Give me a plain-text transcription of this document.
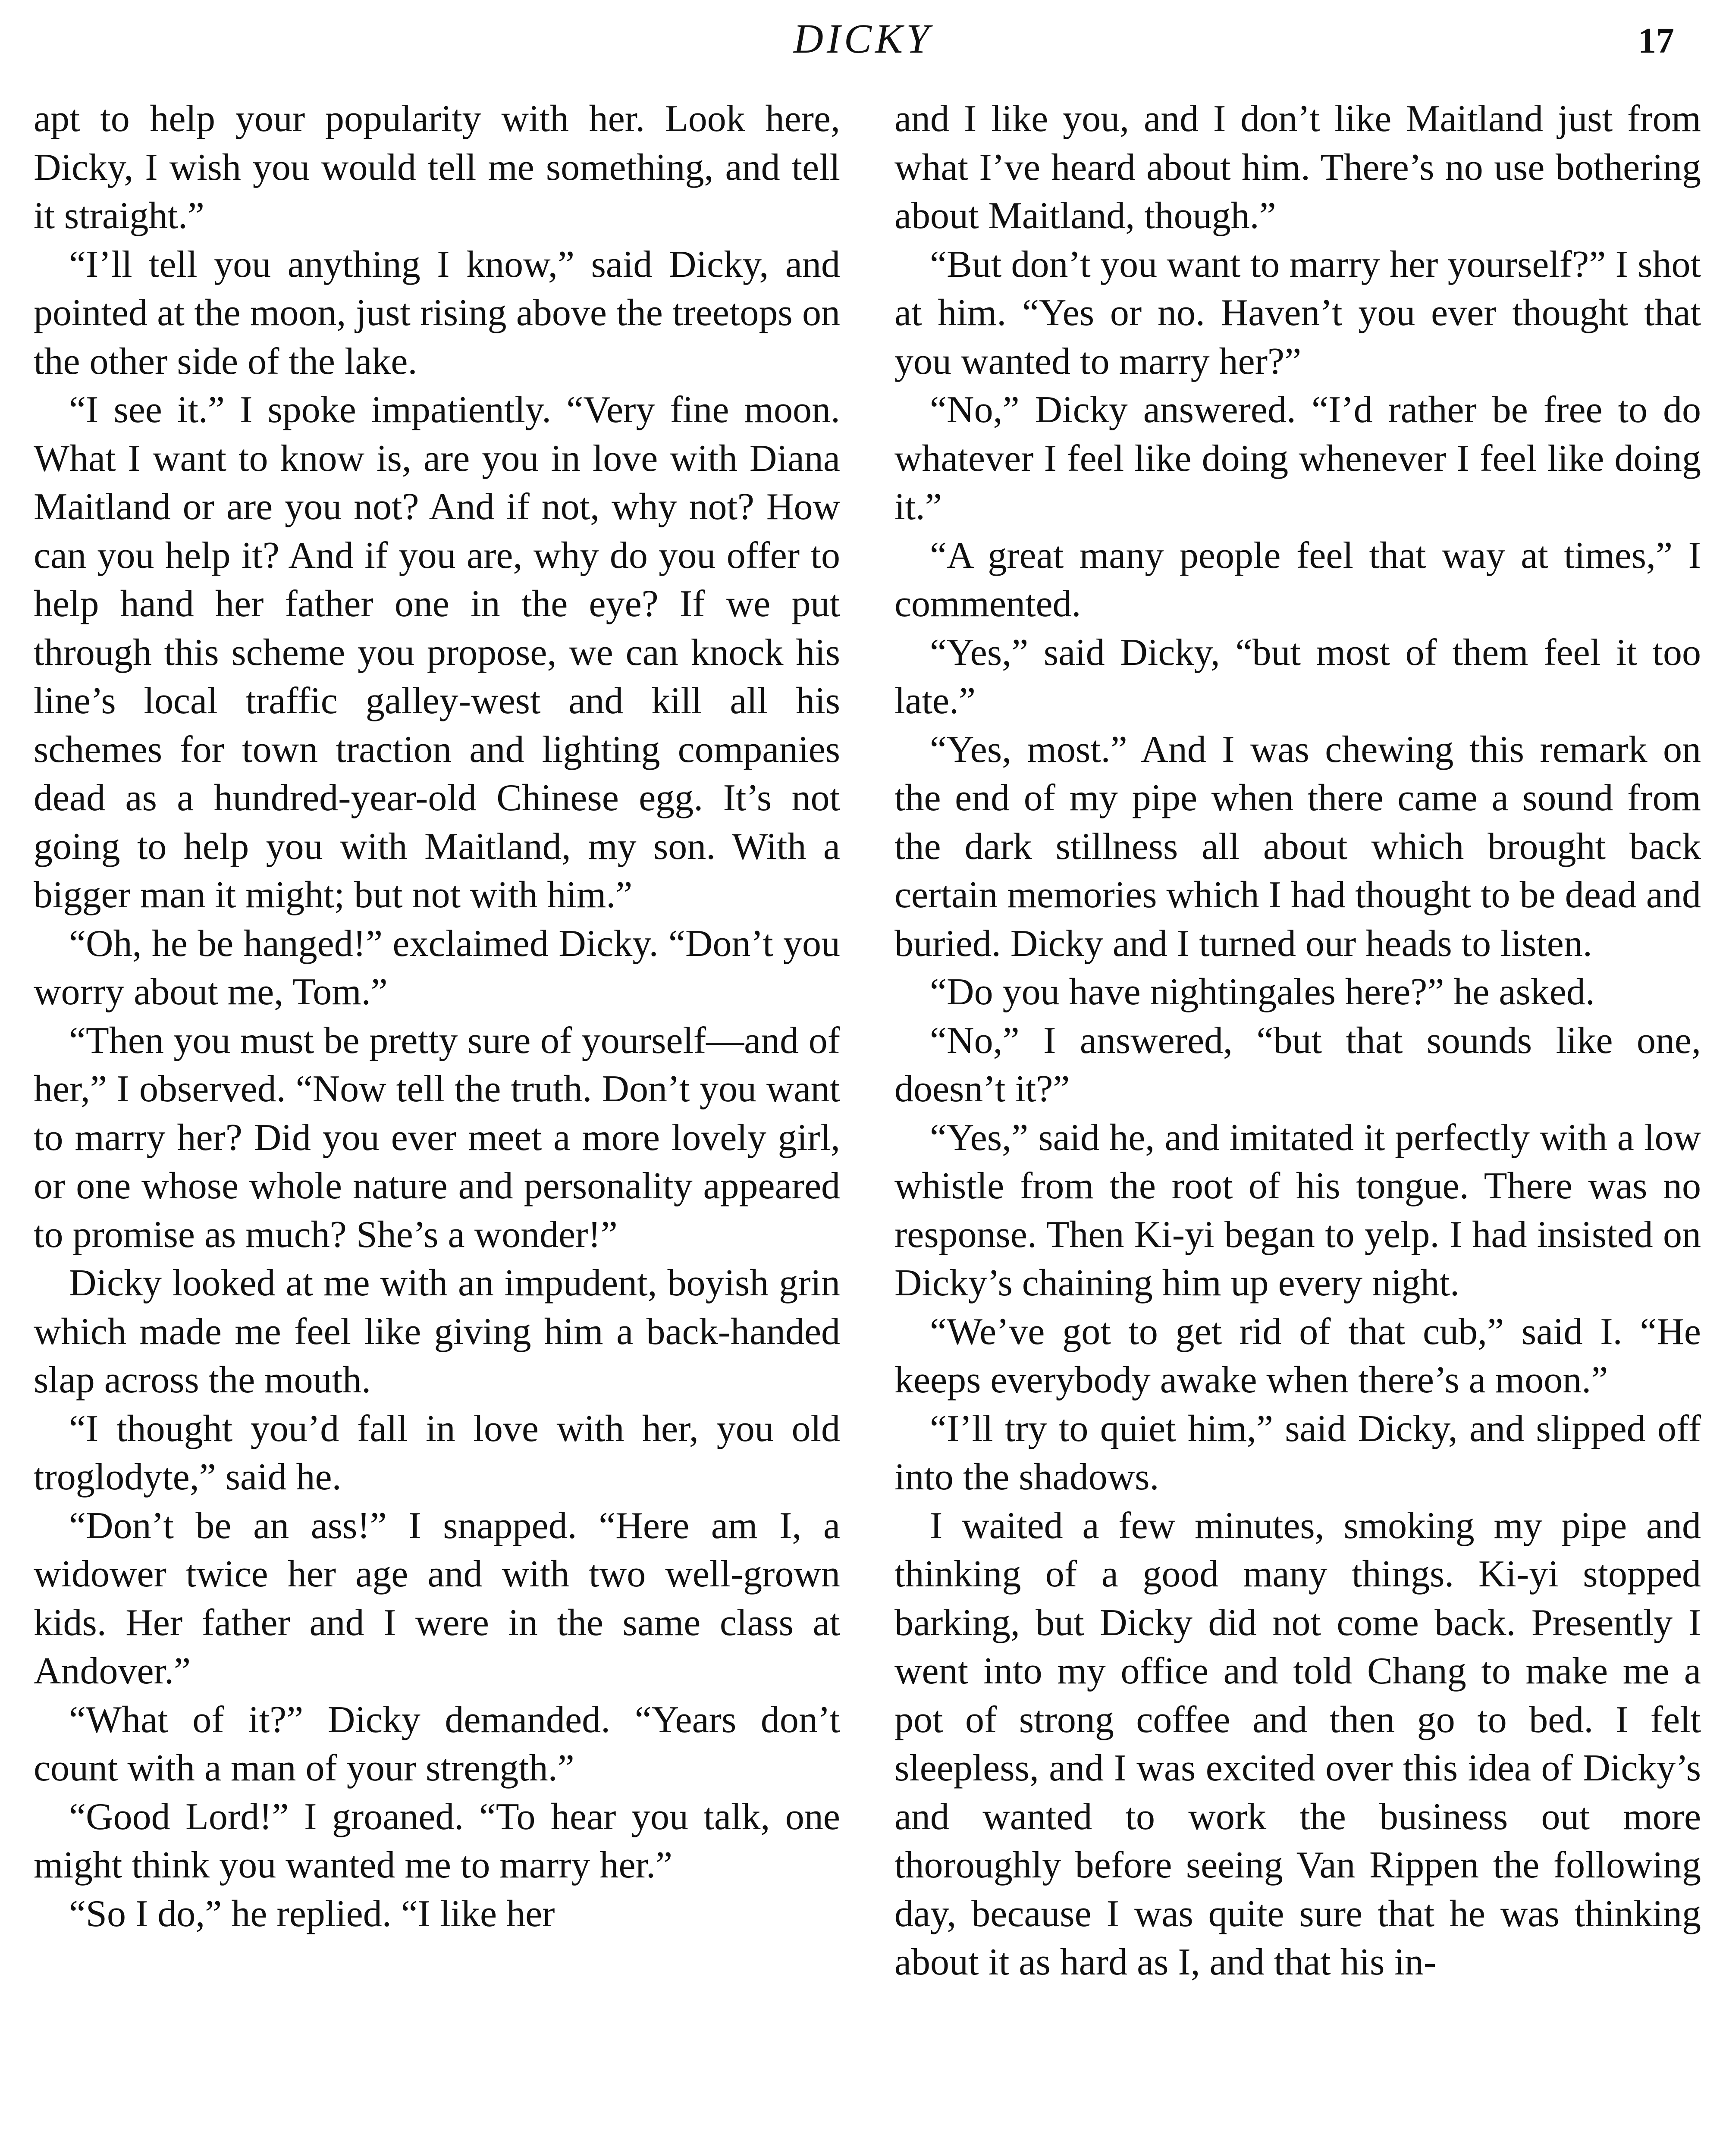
DICKY	17

apt to help your popularity with her. Look here, Dicky, I wish you would tell me something, and tell it straight.”

“I’ll tell you anything I know,” said Dicky, and pointed at the moon, just rising above the treetops on the other side of the lake.

“I see it.” I spoke impatiently. “Very fine moon. What I want to know is, are you in love with Diana Maitland or are you not? And if not, why not? How can you help it? And if you are, why do you offer to help hand her father one in the eye? If we put through this scheme you propose, we can knock his line’s local traffic galley-west and kill all his schemes for town traction and lighting companies dead as a hundred-year-old Chinese egg. It’s not going to help you with Maitland, my son. With a bigger man it might; but not with him.”

“Oh, he be hanged!” exclaimed Dicky. “Don’t you worry about me, Tom.”

“Then you must be pretty sure of yourself—and of her,” I observed. “Now tell the truth. Don’t you want to marry her? Did you ever meet a more lovely girl, or one whose whole nature and personality appeared to promise as much? She’s a wonder!”

Dicky looked at me with an impudent, boyish grin which made me feel like giving him a back-handed slap across the mouth.

“I thought you’d fall in love with her, you old troglodyte,” said he.

“Don’t be an ass!” I snapped. “Here am I, a widower twice her age and with two well-grown kids. Her father and I were in the same class at Andover.”

“What of it?” Dicky demanded. “Years don’t count with a man of your strength.”

“Good Lord!” I groaned. “To hear you talk, one might think you wanted me to marry her.”

“So I do,” he replied. “I like her

and I like you, and I don’t like Maitland just from what I’ve heard about him. There’s no use bothering about Maitland, though.”

“But don’t you want to marry her yourself?” I shot at him. “Yes or no. Haven’t you ever thought that you wanted to marry her?”

“No,” Dicky answered. “I’d rather be free to do whatever I feel like doing whenever I feel like doing it.”

“A great many people feel that way at times,” I commented.

“Yes,” said Dicky, “but most of them feel it too late.”

“Yes, most.” And I was chewing this remark on the end of my pipe when there came a sound from the dark stillness all about which brought back certain memories which I had thought to be dead and buried. Dicky and I turned our heads to listen.

“Do you have nightingales here?” he asked.

“No,” I answered, “but that sounds like one, doesn’t it?”

“Yes,” said he, and imitated it perfectly with a low whistle from the root of his tongue. There was no response. Then Ki-yi began to yelp. I had insisted on Dicky’s chaining him up every night.

“We’ve got to get rid of that cub,” said I. “He keeps everybody awake when there’s a moon.”

“I’ll try to quiet him,” said Dicky, and slipped off into the shadows.

I waited a few minutes, smoking my pipe and thinking of a good many things. Ki-yi stopped barking, but Dicky did not come back. Presently I went into my office and told Chang to make me a pot of strong coffee and then go to bed. I felt sleepless, and I was excited over this idea of Dicky’s and wanted to work the business out more thoroughly before seeing Van Rippen the following day, because I was quite sure that he was thinking about it as hard as I, and that his in-
